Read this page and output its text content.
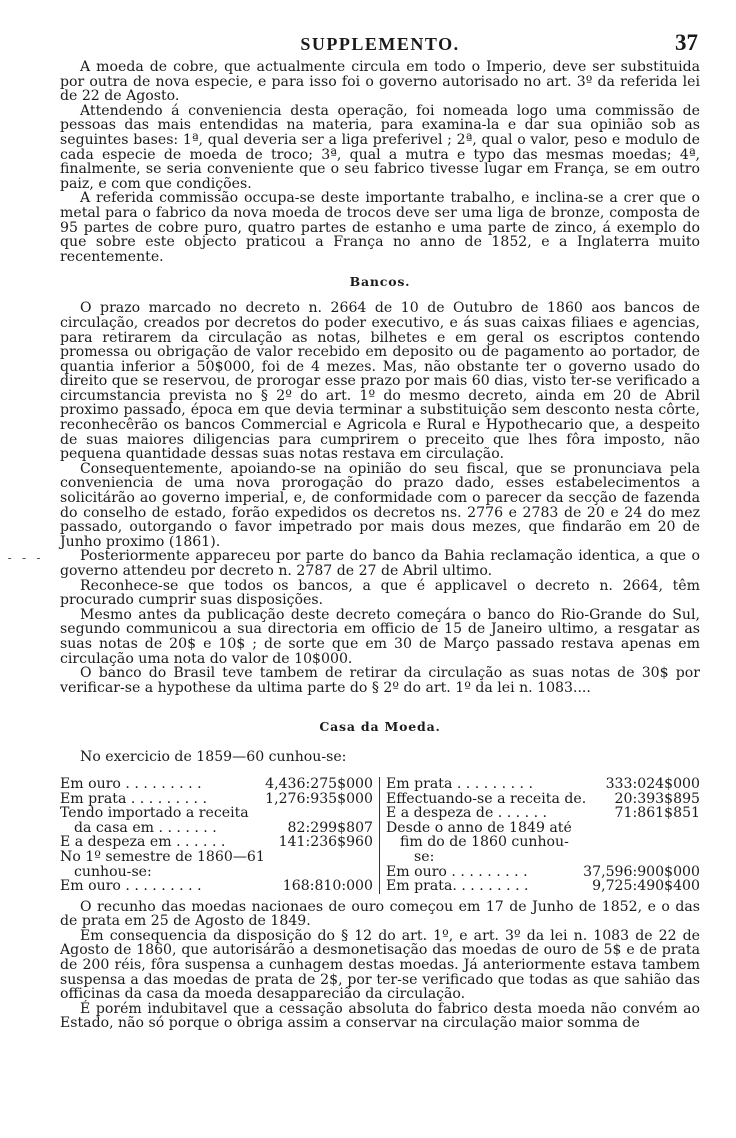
- - -
SUPPLEMENTO.	37

A moeda de cobre, que actualmente circula em todo o Imperio, deve ser substituida por outra de nova especie, e para isso foi o governo autorisado no art. 3º da referida lei de 22 de Agosto.

Attendendo á conveniencia desta operação, foi nomeada logo uma commissão de pessoas das mais entendidas na materia, para examina-la e dar sua opinião sob as seguintes bases: 1ª, qual deveria ser a liga preferivel ; 2ª, qual o valor, peso e modulo de cada especie de moeda de troco; 3ª, qual a mutra e typo das mesmas moedas; 4ª, finalmente, se seria conveniente que o seu fabrico tivesse lugar em França, se em outro paiz, e com que condições.

A referida commissão occupa-se deste importante trabalho, e inclina-se a crer que o metal para o fabrico da nova moeda de trocos deve ser uma liga de bronze, composta de 95 partes de cobre puro, quatro partes de estanho e uma parte de zinco, á exemplo do que sobre este objecto praticou a França no anno de 1852, e a Inglaterra muito recentemente.

Bancos.

O prazo marcado no decreto n. 2664 de 10 de Outubro de 1860 aos bancos de circulação, creados por decretos do poder executivo, e ás suas caixas filiaes e agencias, para retirarem da circulação as notas, bilhetes e em geral os escriptos contendo promessa ou obrigação de valor recebido em deposito ou de pagamento ao portador, de quantia inferior a 50$000, foi de 4 mezes. Mas, não obstante ter o governo usado do direito que se reservou, de prorogar esse prazo por mais 60 dias, visto ter-se verificado a circumstancia prevista no § 2º do art. 1º do mesmo decreto, ainda em 20 de Abril proximo passado, época em que devia terminar a substituição sem desconto nesta côrte, reconhecêrão os bancos Commercial e Agricola e Rural e Hypothecario que, a despeito de suas maiores diligencias para cumprirem o preceito que lhes fôra imposto, não pequena quantidade dessas suas notas restava em circulação.

Consequentemente, apoiando-se na opinião do seu fiscal, que se pronunciava pela conveniencia de uma nova prorogação do prazo dado, esses estabelecimentos a solicitárão ao governo imperial, e, de conformidade com o parecer da secção de fazenda do conselho de estado, forão expedidos os decretos ns. 2776 e 2783 de 20 e 24 do mez passado, outorgando o favor impetrado por mais dous mezes, que findarão em 20 de Junho proximo (1861).

Posteriormente appareceu por parte do banco da Bahia reclamação identica, a que o governo attendeu por decreto n. 2787 de 27 de Abril ultimo.

Reconhece-se que todos os bancos, a que é applicavel o decreto n. 2664, têm procurado cumprir suas disposições.

Mesmo antes da publicação deste decreto começára o banco do Rio-Grande do Sul, segundo communicou a sua directoria em officio de 15 de Janeiro ultimo, a resgatar as suas notas de 20$ e 10$ ; de sorte que em 30 de Março passado restava apenas em circulação uma nota do valor de 10$000.

O banco do Brasil teve tambem de retirar da circulação as suas notas de 30$ por verificar-se a hypothese da ultima parte do § 2º do art. 1º da lei n. 1083....

Casa da Moeda.

No exercicio de 1859—60 cunhou-se:

Em ouro . . . . . . . . .	4,436:275$000
Em prata . . . . . . . . .	1,276:935$000
Tendo importado a receita
da casa em . . . . . . .	82:299$807
E a despeza em . . . . . .	141:236$960
No 1º semestre de 1860—61
cunhou-se:
Em ouro . . . . . . . . .	168:810:000
Em prata . . . . . . . . .	333:024$000
Effectuando-se a receita de.	20:393$895
E a despeza de . . . . . .	71:861$851
Desde o anno de 1849 até
fim do de 1860 cunhou-
se:
Em ouro . . . . . . . . .	37,596:900$000
Em prata. . . . . . . . .	9,725:490$400

O recunho das moedas nacionaes de ouro começou em 17 de Junho de 1852, e o das de prata em 25 de Agosto de 1849.

Em consequencia da disposição do § 12 do art. 1º, e art. 3º da lei n. 1083 de 22 de Agosto de 1860, que autorisárão a desmonetisação das moedas de ouro de 5$ e de prata de 200 réis, fôra suspensa a cunhagem destas moedas. Já anteriormente estava tambem suspensa a das moedas de prata de 2$, por ter-se verificado que todas as que sahião das officinas da casa da moeda desapparecião da circulação.

É porém indubitavel que a cessação absoluta do fabrico desta moeda não convém ao Estado, não só porque o obriga assim a conservar na circulação maior somma de
